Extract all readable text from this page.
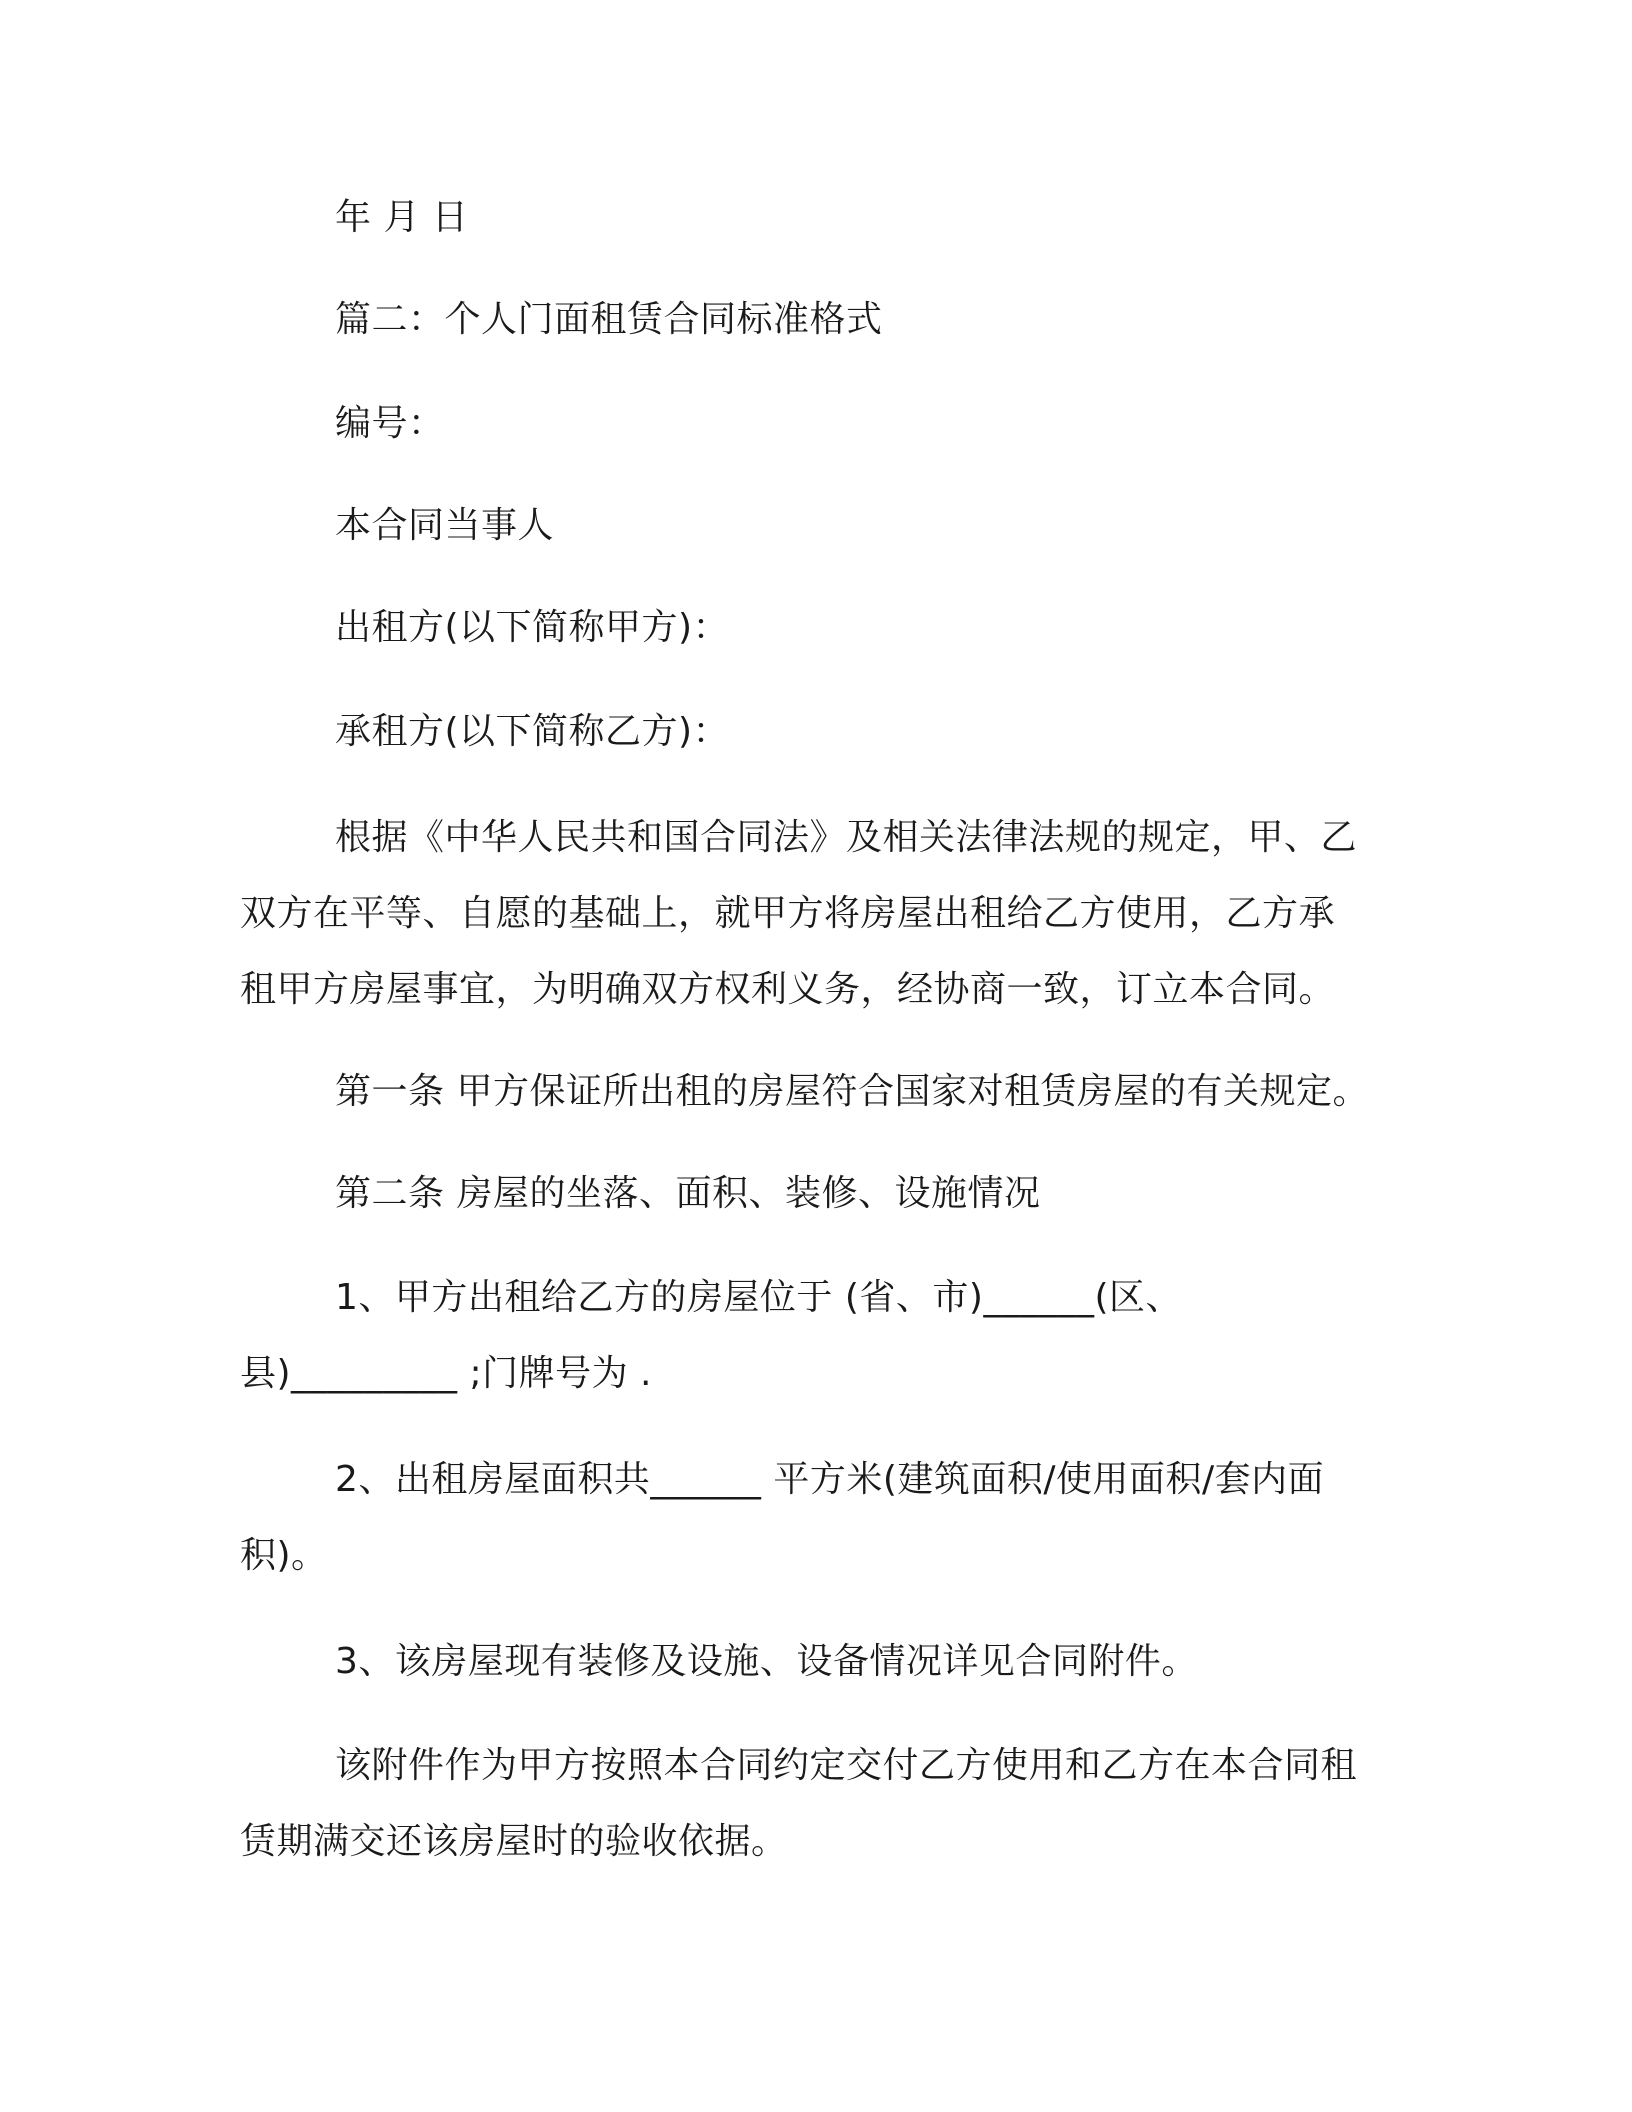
年 月 日
篇二：个人门面租赁合同标准格式
编号：
本合同当事人
出租方(以下简称甲方)：
承租方(以下简称乙方)：
根据《中华人民共和国合同法》及相关法律法规的规定，甲、乙
双方在平等、自愿的基础上，就甲方将房屋出租给乙方使用，乙方承
租甲方房屋事宜，为明确双方权利义务，经协商一致，订立本合同。
第一条 甲方保证所出租的房屋符合国家对租赁房屋的有关规定。
第二条 房屋的坐落、面积、装修、设施情况
1、甲方出租给乙方的房屋位于 (省、市)______(区、
县)_________ ;门牌号为 .
2、出租房屋面积共______ 平方米(建筑面积/使用面积/套内面
积)。
3、该房屋现有装修及设施、设备情况详见合同附件。
该附件作为甲方按照本合同约定交付乙方使用和乙方在本合同租
赁期满交还该房屋时的验收依据。
